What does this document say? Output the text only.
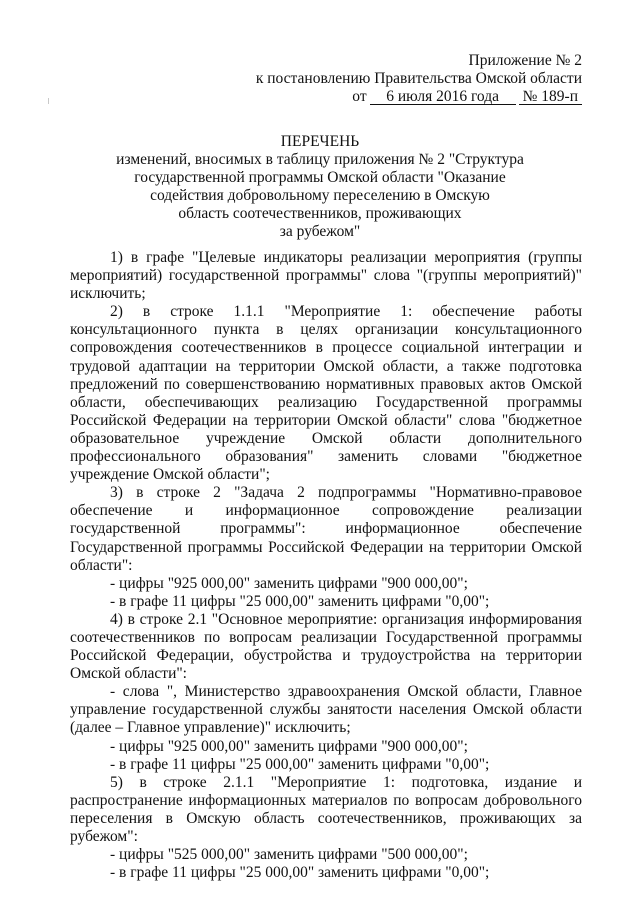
Приложение № 2
к постановлению Правительства Омской области
от	6 июля 2016 года	№ 189-п
ПЕРЕЧЕНЬ
изменений, вносимых в таблицу приложения № 2 "Структура
государственной программы Омской области "Оказание
содействия добровольному переселению в Омскую
область соотечественников, проживающих
за рубежом"

1) в графе "Целевые индикаторы реализации мероприятия (группы мероприятий) государственной программы" слова "(группы мероприятий)" исключить;

2) в строке 1.1.1 "Мероприятие 1: обеспечение работы консультационного пункта в целях организации консультационного сопровождения соотечественников в процессе социальной интеграции и трудовой адаптации на территории Омской области, а также подготовка предложений по совершенствованию нормативных правовых актов Омской области, обеспечивающих реализацию Государственной программы Российской Федерации на территории Омской области" слова "бюджетное образовательное учреждение Омской области дополнительного профессионального образования" заменить словами "бюджетное учреждение Омской области";

3) в строке 2 "Задача 2 подпрограммы "Нормативно-правовое обеспечение и информационное сопровождение реализации государственной программы": информационное обеспечение Государственной программы Российской Федерации на территории Омской области":

- цифры "925 000,00" заменить цифрами "900 000,00";

- в графе 11 цифры "25 000,00" заменить цифрами "0,00";

4) в строке 2.1 "Основное мероприятие: организация информирования соотечественников по вопросам реализации Государственной программы Российской Федерации, обустройства и трудоустройства на территории Омской области":

- слова ", Министерство здравоохранения Омской области, Главное управление государственной службы занятости населения Омской области (далее – Главное управление)" исключить;

- цифры "925 000,00" заменить цифрами "900 000,00";

- в графе 11 цифры "25 000,00" заменить цифрами "0,00";

5) в строке 2.1.1 "Мероприятие 1: подготовка, издание и распространение информационных материалов по вопросам добровольного переселения в Омскую область соотечественников, проживающих за рубежом":

- цифры "525 000,00" заменить цифрами "500 000,00";

- в графе 11 цифры "25 000,00" заменить цифрами "0,00";
